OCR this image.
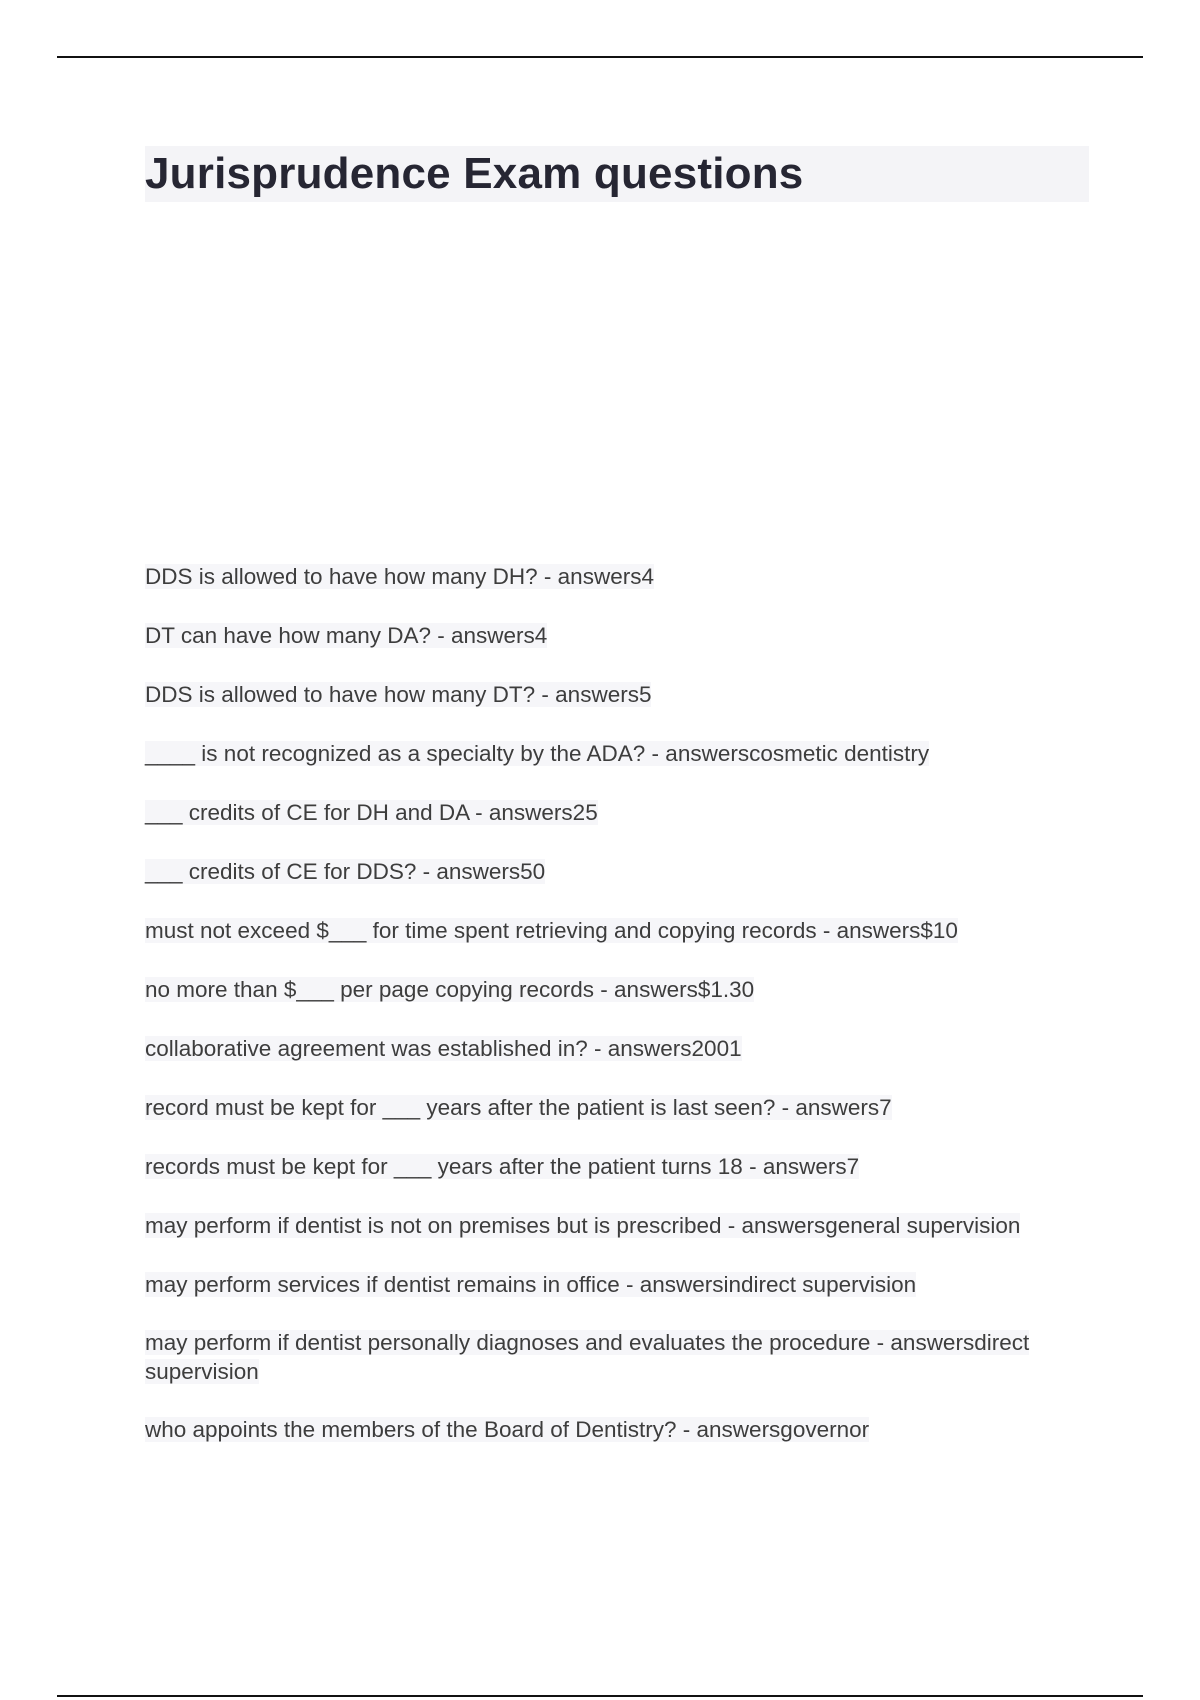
Jurisprudence Exam questions
DDS is allowed to have how many DH? - answers4
DT can have how many DA? - answers4
DDS is allowed to have how many DT? - answers5
____ is not recognized as a specialty by the ADA? - answerscosmetic dentistry
___ credits of CE for DH and DA - answers25
___ credits of CE for DDS? - answers50
must not exceed $___ for time spent retrieving and copying records - answers$10
no more than $___ per page copying records - answers$1.30
collaborative agreement was established in? - answers2001
record must be kept for ___ years after the patient is last seen? - answers7
records must be kept for ___ years after the patient turns 18 - answers7
may perform if dentist is not on premises but is prescribed - answersgeneral supervision
may perform services if dentist remains in office - answersindirect supervision
may perform if dentist personally diagnoses and evaluates the procedure - answersdirect supervision
who appoints the members of the Board of Dentistry? - answersgovernor
